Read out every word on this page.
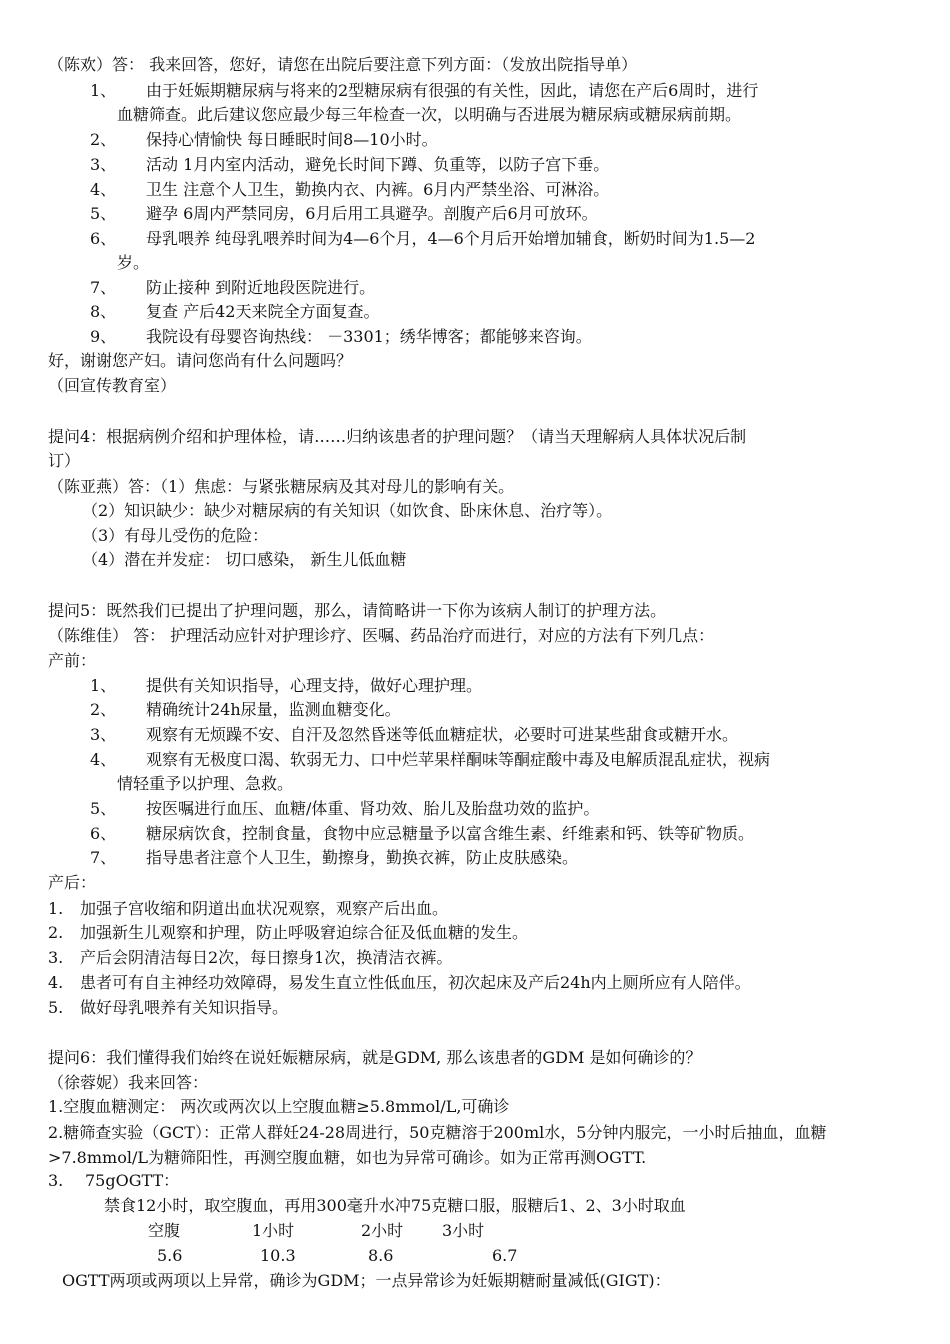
（陈欢）答： 我来回答，您好，请您在出院后要注意下列方面：（发放出院指导单）
1、 由于妊娠期糖尿病与将来的2型糖尿病有很强的有关性，因此，请您在产后6周时，进行
血糖筛查。此后建议您应最少每三年检查一次，以明确与否进展为糖尿病或糖尿病前期。
2、 保持心情愉快 每日睡眠时间8—10小时。
3、 活动 1月内室内活动，避免长时间下蹲、负重等，以防子宫下垂。
4、 卫生 注意个人卫生，勤换内衣、内裤。6月内严禁坐浴、可淋浴。
5、 避孕 6周内严禁同房，6月后用工具避孕。剖腹产后6月可放环。
6、 母乳喂养 纯母乳喂养时间为4—6个月，4—6个月后开始增加辅食，断奶时间为1.5—2
岁。
7、 防止接种 到附近地段医院进行。
8、 复查 产后42天来院全方面复查。
9、 我院设有母婴咨询热线： －3301；绣华博客；都能够来咨询。
好，谢谢您产妇。请问您尚有什么问题吗？
（回宣传教育室）
提问4：根据病例介绍和护理体检，请……归纳该患者的护理问题？（请当天理解病人具体状况后制
订）
（陈亚燕）答：（1）焦虑：与紧张糖尿病及其对母儿的影响有关。
（2）知识缺少：缺少对糖尿病的有关知识（如饮食、卧床休息、治疗等）。
（3）有母儿受伤的危险：
（4）潜在并发症： 切口感染， 新生儿低血糖
提问5：既然我们已提出了护理问题，那么，请简略讲一下你为该病人制订的护理方法。
（陈维佳） 答： 护理活动应针对护理诊疗、医嘱、药品治疗而进行，对应的方法有下列几点：
产前：
1、 提供有关知识指导，心理支持，做好心理护理。
2、 精确统计24h尿量，监测血糖变化。
3、 观察有无烦躁不安、自汗及忽然昏迷等低血糖症状，必要时可进某些甜食或糖开水。
4、 观察有无极度口渴、软弱无力、口中烂苹果样酮味等酮症酸中毒及电解质混乱症状，视病
情轻重予以护理、急救。
5、 按医嘱进行血压、血糖/体重、肾功效、胎儿及胎盘功效的监护。
6、 糖尿病饮食，控制食量，食物中应忌糖量予以富含维生素、纤维素和钙、铁等矿物质。
7、 指导患者注意个人卫生，勤擦身，勤换衣裤，防止皮肤感染。
产后：
1. 加强子宫收缩和阴道出血状况观察，观察产后出血。
2. 加强新生儿观察和护理，防止呼吸窘迫综合征及低血糖的发生。
3. 产后会阴清洁每日2次，每日擦身1次，换清洁衣裤。
4. 患者可有自主神经功效障碍，易发生直立性低血压，初次起床及产后24h内上厕所应有人陪伴。
5. 做好母乳喂养有关知识指导。
提问6：我们懂得我们始终在说妊娠糖尿病，就是GDM, 那么该患者的GDM 是如何确诊的？
（徐蓉妮）我来回答：
1.空腹血糖测定： 两次或两次以上空腹血糖≥5.8mmol/L,可确诊
2.糖筛查实验（GCT）：正常人群妊24-28周进行，50克糖溶于200ml水，5分钟内服完，一小时后抽血，血糖 >7.8mmol/L为糖筛阳性，再测空腹血糖，如也为异常可确诊。如为正常再测OGTT.
3. 75gOGTT：
禁食12小时，取空腹血，再用300毫升水冲75克糖口服，服糖后1、2、3小时取血
空腹	1小时	2小时 3小时
5.6	10.3	8.6	6.7
OGTT两项或两项以上异常，确诊为GDM；一点异常诊为妊娠期糖耐量减低(GIGT)：
